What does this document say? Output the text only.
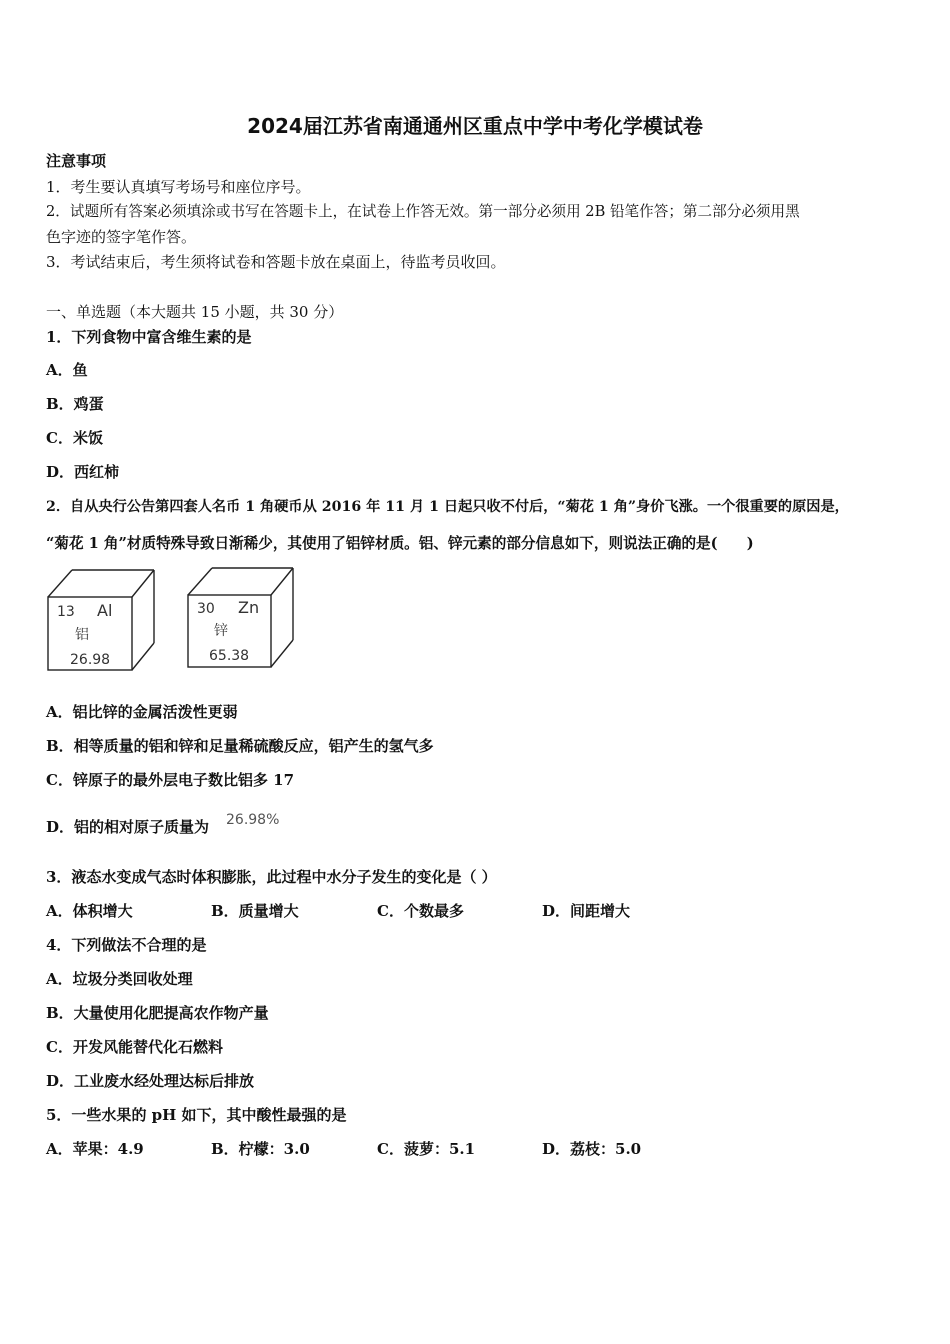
2024届江苏省南通通州区重点中学中考化学模试卷
注意事项
1．考生要认真填写考场号和座位序号。
2．试题所有答案必须填涂或书写在答题卡上，在试卷上作答无效。第一部分必须用 2B 铅笔作答；第二部分必须用黑
色字迹的签字笔作答。
3．考试结束后，考生须将试卷和答题卡放在桌面上，待监考员收回。
一、单选题（本大题共 15 小题，共 30 分）
1．下列食物中富含维生素的是
A．鱼
B．鸡蛋
C．米饭
D．西红柿
2．自从央行公告第四套人名币 1 角硬币从 2016 年 11 月 1 日起只收不付后，“菊花 1 角”身价飞涨。一个很重要的原因是，
“菊花 1 角”材质特殊导致日渐稀少，其使用了铝锌材质。铝、锌元素的部分信息如下，则说法正确的是(　　)
13 Al
铝
26.98
30 Zn
锌
65.38
A．铝比锌的金属活泼性更弱
B．相等质量的铝和锌和足量稀硫酸反应，铝产生的氢气多
C．锌原子的最外层电子数比铝多 17
D．铝的相对原子质量为 26.98%
3．液态水变成气态时体积膨胀，此过程中水分子发生的变化是（ ）
A．体积增大	B．质量增大	C．个数最多	D．间距增大
4．下列做法不合理的是
A．垃圾分类回收处理
B．大量使用化肥提高农作物产量
C．开发风能替代化石燃料
D．工业废水经处理达标后排放
5．一些水果的 pH 如下，其中酸性最强的是
A．苹果：4.9	B．柠檬：3.0	C．菠萝：5.1	D．荔枝：5.0
